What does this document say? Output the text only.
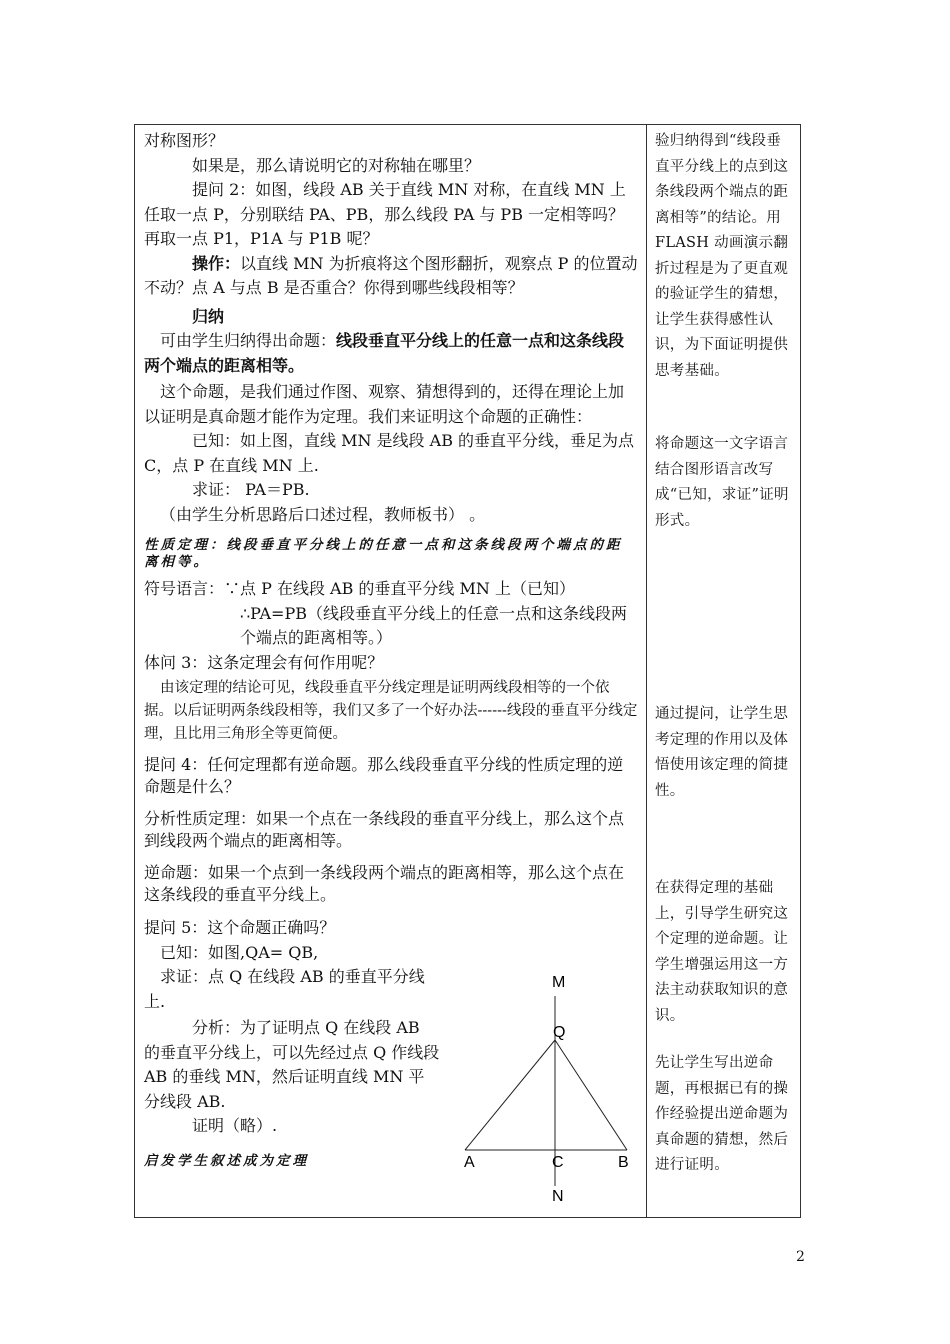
对称图形？

如果是，那么请说明它的对称轴在哪里？

提问 2：如图，线段 AB 关于直线 MN 对称，在直线 MN 上任取一点 P，分别联结 PA、PB，那么线段 PA 与 PB 一定相等吗？再取一点 P1，P1A 与 P1B 呢？

操作：以直线 MN 为折痕将这个图形翻折，观察点 P 的位置动不动？点 A 与点 B 是否重合？你得到哪些线段相等？

归纳

可由学生归纳得出命题：线段垂直平分线上的任意一点和这条线段两个端点的距离相等。

这个命题，是我们通过作图、观察、猜想得到的，还得在理论上加以证明是真命题才能作为定理。我们来证明这个命题的正确性：

已知：如上图，直线 MN 是线段 AB 的垂直平分线，垂足为点 C，点 P 在直线 MN 上.

求证： PA＝PB.

（由学生分析思路后口述过程，教师板书） 。

性质定理：线段垂直平分线上的任意一点和这条线段两个端点的距离相等。

符号语言：∵点 P 在线段 AB 的垂直平分线 MN 上（已知）

∴PA=PB（线段垂直平分线上的任意一点和这条线段两个端点的距离相等。）

体问 3：这条定理会有何作用呢？

由该定理的结论可见，线段垂直平分线定理是证明两线段相等的一个依据。以后证明两条线段相等，我们又多了一个好办法------线段的垂直平分线定理，且比用三角形全等更简便。

提问 4：任何定理都有逆命题。那么线段垂直平分线的性质定理的逆命题是什么？

分析性质定理：如果一个点在一条线段的垂直平分线上，那么这个点到线段两个端点的距离相等。

逆命题：如果一个点到一条线段两个端点的距离相等，那么这个点在这条线段的垂直平分线上。

提问 5：这个命题正确吗？

已知：如图,QA= QB,

求证：点 Q 在线段 AB 的垂直平分线上.

分析：为了证明点 Q 在线段 AB 的垂直平分线上，可以先经过点 Q 作线段 AB 的垂线 MN，然后证明直线 MN 平分线段 AB.

证明（略）.

启发学生叙述成为定理

验归纳得到“线段垂直平分线上的点到这条线段两个端点的距离相等”的结论。用 FLASH 动画演示翻折过程是为了更直观的验证学生的猜想，让学生获得感性认识，为下面证明提供思考基础。

将命题这一文字语言结合图形语言改写成“已知，求证”证明形式。

通过提问，让学生思考定理的作用以及体悟使用该定理的简捷性。

在获得定理的基础上，引导学生研究这个定理的逆命题。让学生增强运用这一方法主动获取知识的意识。

先让学生写出逆命题，再根据已有的操作经验提出逆命题为真命题的猜想，然后进行证明。

M
Q
A	C	B
N
2
